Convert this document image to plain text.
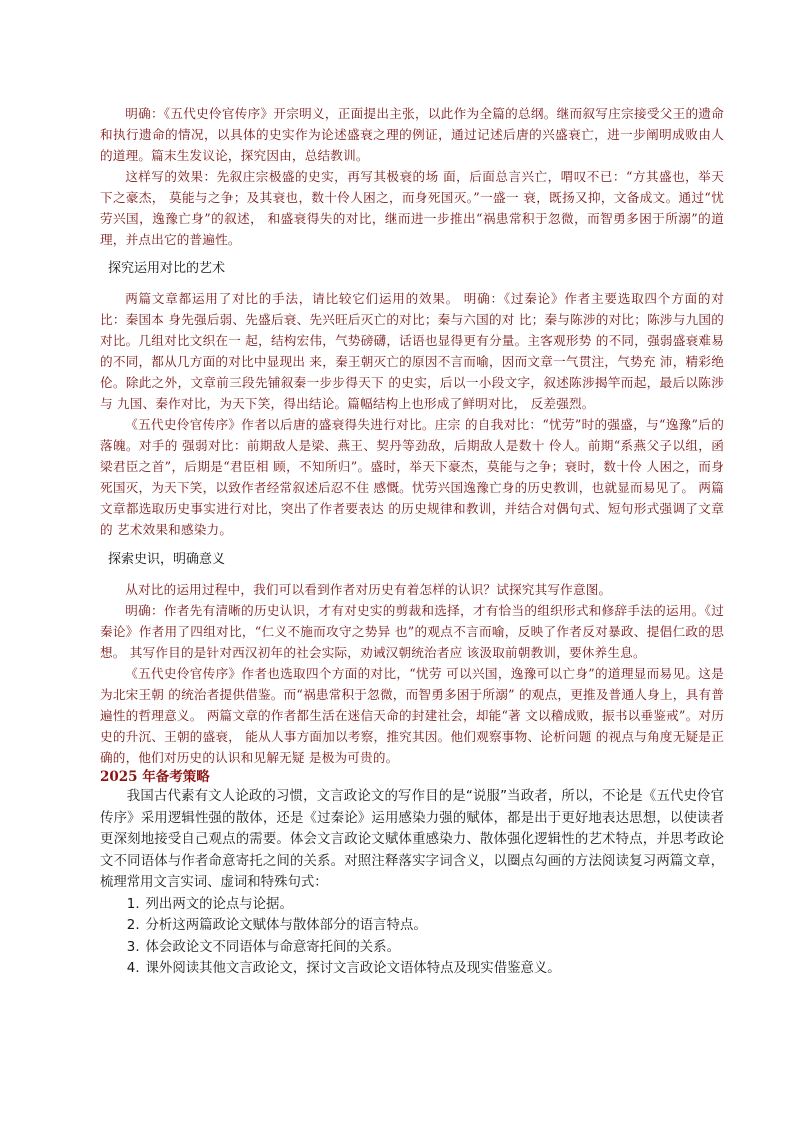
明确：《五代史伶官传序》开宗明义，正面提出主张，以此作为全篇的总纲。继而叙写庄宗接受父王的遗命和执行遗命的情况，以具体的史实作为论述盛衰之理的例证，通过记述后唐的兴盛衰亡，进一步阐明成败由人的道理。篇末生发议论，探究因由，总结教训。

这样写的效果：先叙庄宗极盛的史实，再写其极衰的场 面，后面总言兴亡，喟叹不已：“方其盛也，举天下之豪杰， 莫能与之争；及其衰也，数十伶人困之，而身死国灭。”一盛一 衰，既扬又抑，文备成文。通过“忧劳兴国，逸豫亡身”的叙述， 和盛衰得失的对比，继而进一步推出“祸患常积于忽微，而智勇多困于所溺”的道理，并点出它的普遍性。

探究运用对比的艺术

两篇文章都运用了对比的手法，请比较它们运用的效果。 明确：《过秦论》作者主要选取四个方面的对比：秦国本 身先强后弱、先盛后衰、先兴旺后灭亡的对比；秦与六国的对 比；秦与陈涉的对比；陈涉与九国的对比。几组对比文织在一 起，结构宏伟，气势磅礴，话语也显得更有分量。主客观形势 的不同，强弱盛衰难易的不同，都从几方面的对比中显现出 来，秦王朝灭亡的原因不言而喻，因而文章一气贯注，气势充 沛，精彩绝伦。除此之外，文章前三段先铺叙秦一步步得天下 的史实，后以一小段文字，叙述陈涉揭竿而起，最后以陈涉与 九国、秦作对比，为天下笑，得出结论。篇幅结构上也形成了鲜明对比， 反差强烈。

《五代史伶官传序》作者以后唐的盛衰得失进行对比。庄宗 的自我对比：“忧劳”时的强盛，与“逸豫”后的落魄。对手的 强弱对比：前期敌人是梁、燕王、契丹等劲敌，后期敌人是数十 伶人。前期“系燕父子以组，函梁君臣之首”，后期是“君臣相 顾，不知所归”。盛时，举天下豪杰，莫能与之争；衰时，数十伶 人困之，而身死国灭，为天下笑，以致作者经常叙述后忍不住 感慨。忧劳兴国逸豫亡身的历史教训，也就显而易见了。 两篇文章都选取历史事实进行对比，突出了作者要表达 的历史规律和教训，并结合对偶句式、短句形式强调了文章的 艺术效果和感染力。

探索史识，明确意义

从对比的运用过程中，我们可以看到作者对历史有着怎样的认识？试探究其写作意图。

明确：作者先有清晰的历史认识，才有对史实的剪裁和选择，才有恰当的组织形式和修辞手法的运用。《过秦论》作者用了四组对比，“仁义不施而攻守之势异 也”的观点不言而喻，反映了作者反对暴政、提倡仁政的思想。 其写作目的是针对西汉初年的社会实际，劝诫汉朝统治者应 该汲取前朝教训，要休养生息。

《五代史伶官传序》作者也选取四个方面的对比，“忧劳 可以兴国，逸豫可以亡身”的道理显而易见。这是为北宋王朝 的统治者提供借鉴。而“祸患常积于忽微，而智勇多困于所溺” 的观点，更推及普通人身上，具有普遍性的哲理意义。 两篇文章的作者都生活在迷信天命的封建社会，却能“著 文以稽成败，振书以垂鉴戒”。对历史的升沉、王朝的盛衰， 能从人事方面加以考察，推究其因。他们观察事物、论析问题 的视点与角度无疑是正确的，他们对历史的认识和见解无疑 是极为可贵的。

2025 年备考策略

我国古代素有文人论政的习惯，文言政论文的写作目的是“说服”当政者，所以，不论是《五代史伶官传序》采用逻辑性强的散体，还是《过秦论》运用感染力强的赋体，都是出于更好地表达思想，以使读者更深刻地接受自己观点的需要。体会文言政论文赋体重感染力、散体强化逻辑性的艺术特点，并思考政论文不同语体与作者命意寄托之间的关系。对照注释落实字词含义，以圈点勾画的方法阅读复习两篇文章，梳理常用文言实词、虚词和特殊句式：

1. 列出两文的论点与论据。
2. 分析这两篇政论文赋体与散体部分的语言特点。
3. 体会政论文不同语体与命意寄托间的关系。
4. 课外阅读其他文言政论文，探讨文言政论文语体特点及现实借鉴意义。
